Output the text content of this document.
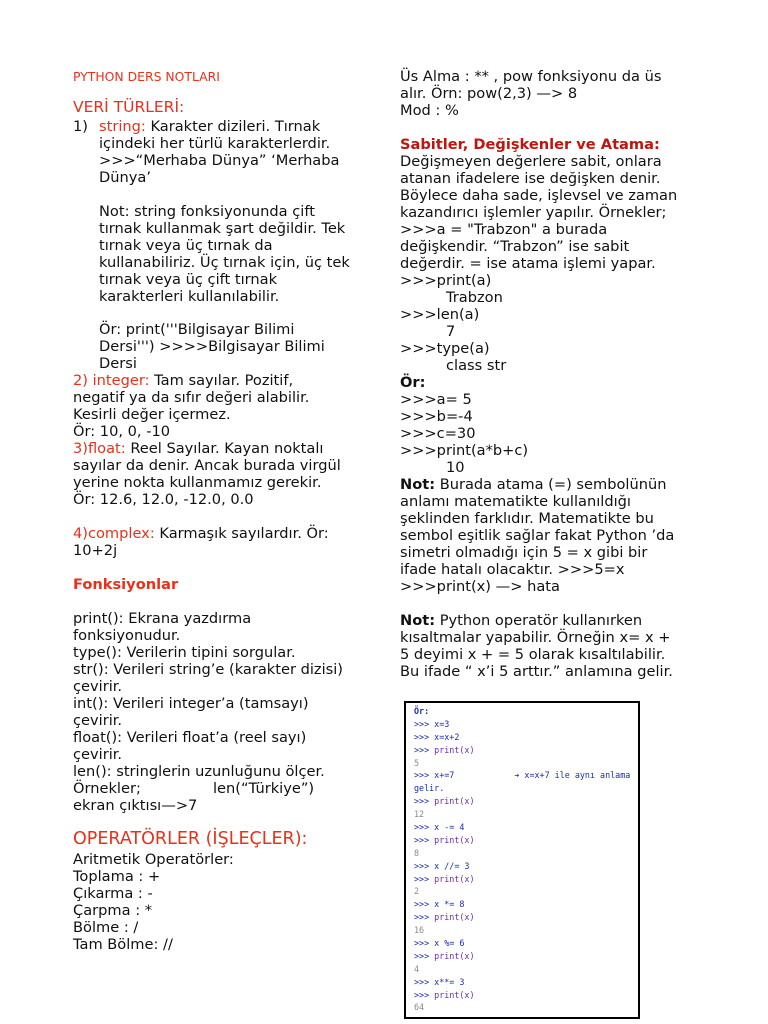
PYTHON DERS NOTLARI
VERİ TÜRLERİ:
1) string: Karakter dizileri. Tırnak
içindeki her türlü karakterlerdir.
>>>“Merhaba Dünya” ‘Merhaba
Dünya’
Not: string fonksiyonunda çift
tırnak kullanmak şart değildir. Tek
tırnak veya üç tırnak da
kullanabiliriz. Üç tırnak için, üç tek
tırnak veya üç çift tırnak
karakterleri kullanılabilir.
Ör: print('''Bilgisayar Bilimi
Dersi''') >>>>Bilgisayar Bilimi
Dersi
2) integer: Tam sayılar. Pozitif,
negatif ya da sıfır değeri alabilir.
Kesirli değer içermez.
Ör: 10, 0, -10
3)float: Reel Sayılar. Kayan noktalı
sayılar da denir. Ancak burada virgül
yerine nokta kullanmamız gerekir.
Ör: 12.6, 12.0, -12.0, 0.0
4)complex: Karmaşık sayılardır. Ör:
10+2j
Fonksiyonlar
print(): Ekrana yazdırma
fonksiyonudur.
type(): Verilerin tipini sorgular.
str(): Verileri string’e (karakter dizisi)
çevirir.
int(): Verileri integer’a (tamsayı)
çevirir.
float(): Verileri float’a (reel sayı)
çevirir.
len(): stringlerin uzunluğunu ölçer.
Örnekler;	len(“Türkiye”)
ekran çıktısı—>7
OPERATÖRLER (İŞLEÇLER):
Aritmetik Operatörler:
Toplama : +
Çıkarma : -
Çarpma : *
Bölme : /
Tam Bölme: //
Üs Alma : ** , pow fonksiyonu da üs
alır. Örn: pow(2,3) —> 8
Mod : %
Sabitler, Değişkenler ve Atama:
Değişmeyen değerlere sabit, onlara
atanan ifadelere ise değişken denir.
Böylece daha sade, işlevsel ve zaman
kazandırıcı işlemler yapılır. Örnekler;
>>>a = "Trabzon" a burada
değişkendir. “Trabzon” ise sabit
değerdir. = ise atama işlemi yapar.
>>>print(a)
Trabzon
>>>len(a)
7
>>>type(a)
class str
Ör:
>>>a= 5
>>>b=-4
>>>c=30
>>>print(a*b+c)
10
Not: Burada atama (=) sembolünün
anlamı matematikte kullanıldığı
şeklinden farklıdır. Matematikte bu
sembol eşitlik sağlar fakat Python ’da
simetri olmadığı için 5 = x gibi bir
ifade hatalı olacaktır. >>>5=x
>>>print(x) —> hata
Not: Python operatör kullanırken
kısaltmalar yapabilir. Örneğin x= x +
5 deyimi x + = 5 olarak kısaltılabilir.
Bu ifade “ x’i 5 arttır.” anlamına gelir.
Ör:
>>> x=3
>>> x=x+2
>>> print(x)
5
>>> x+=7	➔ x=x+7 ile aynı anlama
gelir.
>>> print(x)
12
>>> x -= 4
>>> print(x)
8
>>> x //= 3
>>> print(x)
2
>>> x *= 8
>>> print(x)
16
>>> x %= 6
>>> print(x)
4
>>> x**= 3
>>> print(x)
64
